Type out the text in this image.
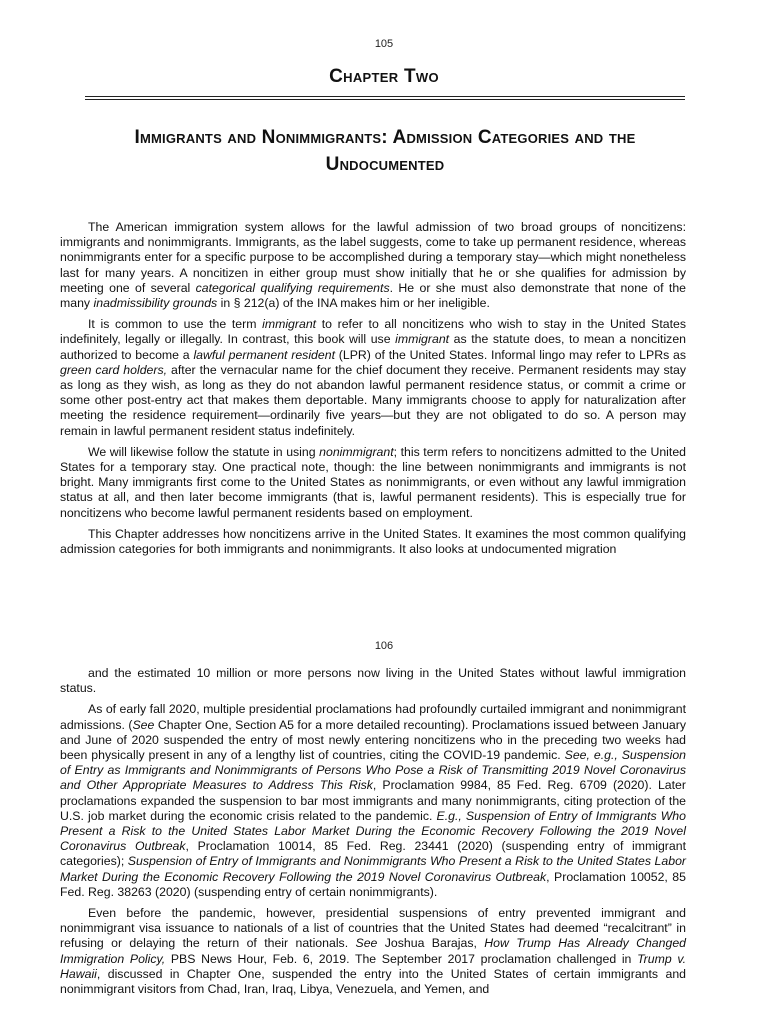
105
Chapter Two
Immigrants and Nonimmigrants: Admission Categories and the
Undocumented

The American immigration system allows for the lawful admission of two broad groups of noncitizens: immigrants and nonimmigrants. Immigrants, as the label suggests, come to take up permanent residence, whereas nonimmigrants enter for a specific purpose to be accomplished during a temporary stay—which might nonetheless last for many years. A noncitizen in either group must show initially that he or she qualifies for admission by meeting one of several categorical qualifying requirements. He or she must also demonstrate that none of the many inadmissibility grounds in § 212(a) of the INA makes him or her ineligible.

It is common to use the term immigrant to refer to all noncitizens who wish to stay in the United States indefinitely, legally or illegally. In contrast, this book will use immigrant as the statute does, to mean a noncitizen authorized to become a lawful permanent resident (LPR) of the United States. Informal lingo may refer to LPRs as green card holders, after the vernacular name for the chief document they receive. Permanent residents may stay as long as they wish, as long as they do not abandon lawful permanent residence status, or commit a crime or some other post-entry act that makes them deportable. Many immigrants choose to apply for naturalization after meeting the residence requirement—ordinarily five years—but they are not obligated to do so. A person may remain in lawful permanent resident status indefinitely.

We will likewise follow the statute in using nonimmigrant; this term refers to noncitizens admitted to the United States for a temporary stay. One practical note, though: the line between nonimmigrants and immigrants is not bright. Many immigrants first come to the United States as nonimmigrants, or even without any lawful immigration status at all, and then later become immigrants (that is, lawful permanent residents). This is especially true for noncitizens who become lawful permanent residents based on employment.

This Chapter addresses how noncitizens arrive in the United States. It examines the most common qualifying admission categories for both immigrants and nonimmigrants. It also looks at undocumented migration

106

and the estimated 10 million or more persons now living in the United States without lawful immigration status.

As of early fall 2020, multiple presidential proclamations had profoundly curtailed immigrant and nonimmigrant admissions. (See Chapter One, Section A5 for a more detailed recounting). Proclamations issued between January and June of 2020 suspended the entry of most newly entering noncitizens who in the preceding two weeks had been physically present in any of a lengthy list of countries, citing the COVID-19 pandemic. See, e.g., Suspension of Entry as Immigrants and Nonimmigrants of Persons Who Pose a Risk of Transmitting 2019 Novel Coronavirus and Other Appropriate Measures to Address This Risk, Proclamation 9984, 85 Fed. Reg. 6709 (2020). Later proclamations expanded the suspension to bar most immigrants and many nonimmigrants, citing protection of the U.S. job market during the economic crisis related to the pandemic. E.g., Suspension of Entry of Immigrants Who Present a Risk to the United States Labor Market During the Economic Recovery Following the 2019 Novel Coronavirus Outbreak, Proclamation 10014, 85 Fed. Reg. 23441 (2020) (suspending entry of immigrant categories); Suspension of Entry of Immigrants and Nonimmigrants Who Present a Risk to the United States Labor Market During the Economic Recovery Following the 2019 Novel Coronavirus Outbreak, Proclamation 10052, 85 Fed. Reg. 38263 (2020) (suspending entry of certain nonimmigrants).

Even before the pandemic, however, presidential suspensions of entry prevented immigrant and nonimmigrant visa issuance to nationals of a list of countries that the United States had deemed “recalcitrant” in refusing or delaying the return of their nationals. See Joshua Barajas, How Trump Has Already Changed Immigration Policy, PBS News Hour, Feb. 6, 2019. The September 2017 proclamation challenged in Trump v. Hawaii, discussed in Chapter One, suspended the entry into the United States of certain immigrants and nonimmigrant visitors from Chad, Iran, Iraq, Libya, Venezuela, and Yemen, and
